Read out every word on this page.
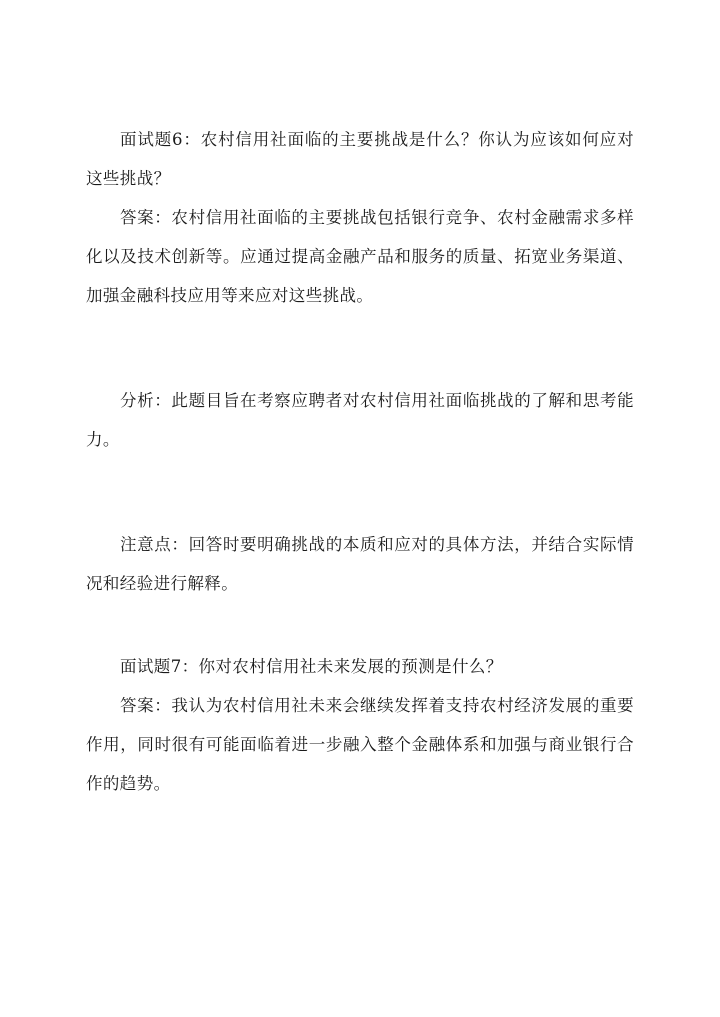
面试题6：农村信用社面临的主要挑战是什么？你认为应该如何应对这些挑战？

答案：农村信用社面临的主要挑战包括银行竞争、农村金融需求多样化以及技术创新等。应通过提高金融产品和服务的质量、拓宽业务渠道、加强金融科技应用等来应对这些挑战。

分析：此题目旨在考察应聘者对农村信用社面临挑战的了解和思考能力。

注意点：回答时要明确挑战的本质和应对的具体方法，并结合实际情况和经验进行解释。

面试题7：你对农村信用社未来发展的预测是什么？

答案：我认为农村信用社未来会继续发挥着支持农村经济发展的重要作用，同时很有可能面临着进一步融入整个金融体系和加强与商业银行合作的趋势。
